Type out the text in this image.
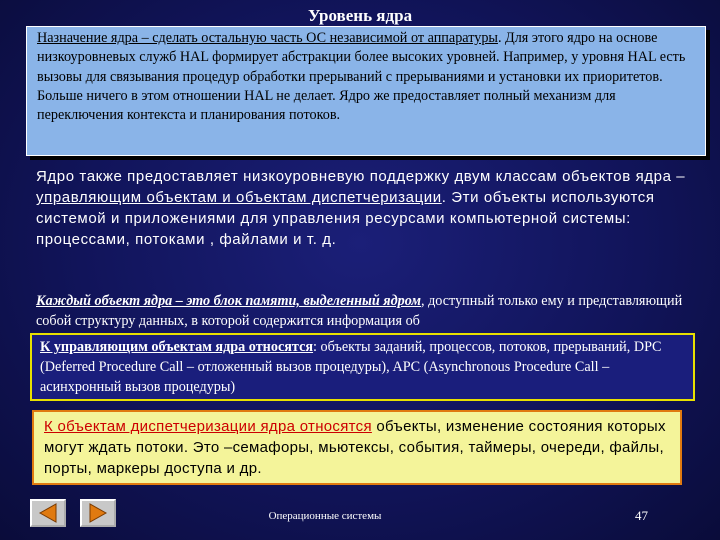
Уровень ядра
Назначение ядра – сделать остальную часть ОС независимой от аппаратуры. Для этого ядро на основе низкоуровневых служб HAL формирует абстракции более высоких уровней. Например, у уровня HAL есть вызовы для связывания процедур обработки прерываний с прерываниями и установки их приоритетов. Больше ничего в этом отношении HAL не делает. Ядро же предоставляет полный механизм для переключения контекста и планирования потоков.
Ядро также предоставляет низкоуровневую поддержку двум классам объектов ядра – управляющим объектам и объектам диспетчеризации. Эти объекты используются системой и приложениями для управления ресурсами компьютерной системы: процессами, потоками , файлами и т. д.
Каждый объект ядра – это блок памяти, выделенный ядром, доступный только ему и представляющий собой структуру данных, в которой содержится информация об
К управляющим объектам ядра относятся: объекты заданий, процессов, потоков, прерываний, DPC (Deferred Procedure Call – отложенный вызов процедуры), APC (Asynchronous Procedure Call – асинхронный вызов процедуры)
К объектам диспетчеризации ядра относятся объекты, изменение состояния которых могут ждать потоки. Это –семафоры, мьютексы, события, таймеры, очереди, файлы, порты, маркеры доступа и др.
Операционные системы	47
